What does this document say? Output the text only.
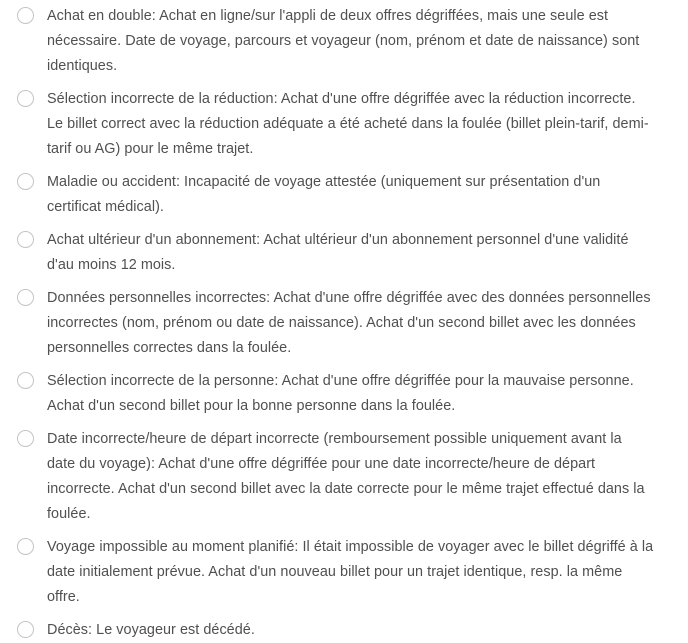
Achat en double: Achat en ligne/sur l'appli de deux offres dégriffées, mais une seule est
nécessaire. Date de voyage, parcours et voyageur (nom, prénom et date de naissance) sont
identiques.
Sélection incorrecte de la réduction: Achat d'une offre dégriffée avec la réduction incorrecte.
Le billet correct avec la réduction adéquate a été acheté dans la foulée (billet plein-tarif, demi-
tarif ou AG) pour le même trajet.
Maladie ou accident: Incapacité de voyage attestée (uniquement sur présentation d'un
certificat médical).
Achat ultérieur d'un abonnement: Achat ultérieur d'un abonnement personnel d'une validité
d'au moins 12 mois.
Données personnelles incorrectes: Achat d'une offre dégriffée avec des données personnelles
incorrectes (nom, prénom ou date de naissance). Achat d'un second billet avec les données
personnelles correctes dans la foulée.
Sélection incorrecte de la personne: Achat d'une offre dégriffée pour la mauvaise personne.
Achat d'un second billet pour la bonne personne dans la foulée.
Date incorrecte/heure de départ incorrecte (remboursement possible uniquement avant la
date du voyage): Achat d'une offre dégriffée pour une date incorrecte/heure de départ
incorrecte. Achat d'un second billet avec la date correcte pour le même trajet effectué dans la
foulée.
Voyage impossible au moment planifié: Il était impossible de voyager avec le billet dégriffé à la
date initialement prévue. Achat d'un nouveau billet pour un trajet identique, resp. la même
offre.
Décès: Le voyageur est décédé.
